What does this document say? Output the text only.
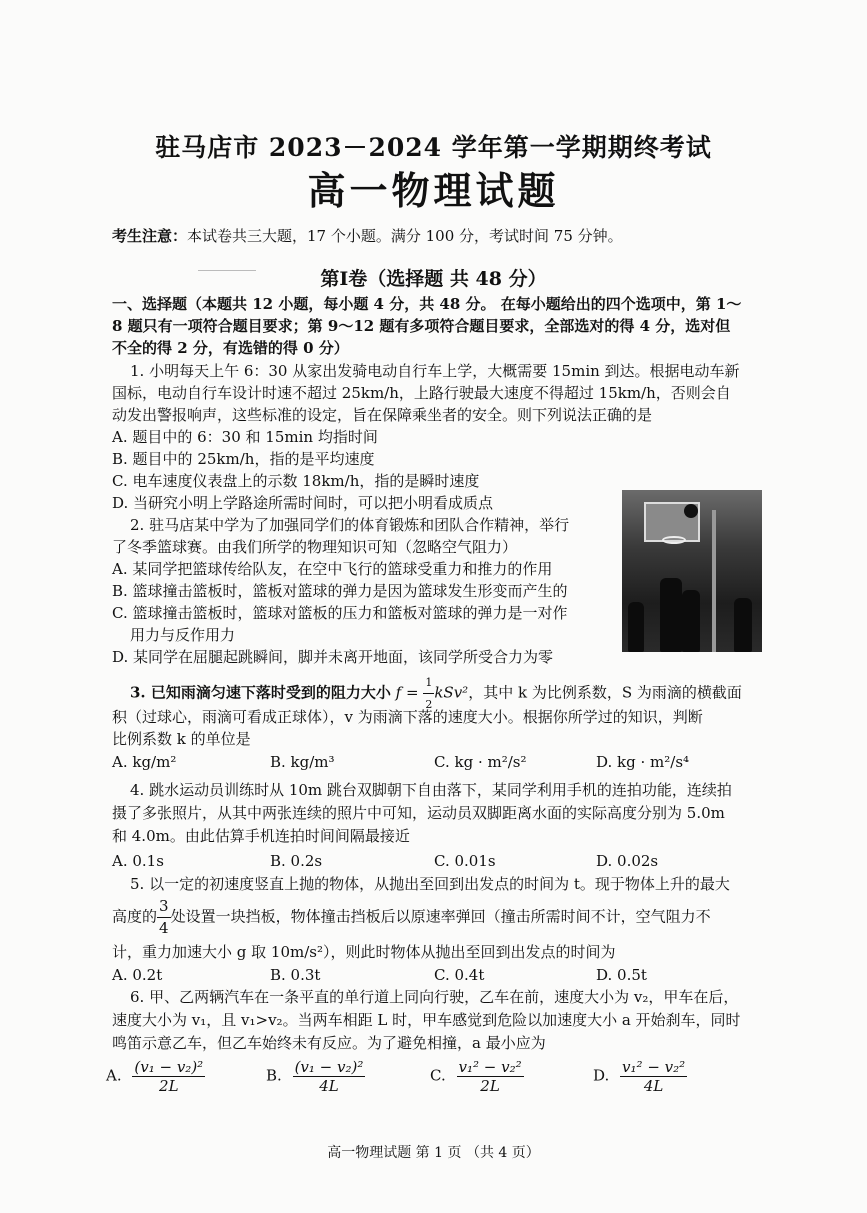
驻马店市 2023－2024 学年第一学期期终考试
高一物理试题
考生注意：本试卷共三大题，17 个小题。满分 100 分，考试时间 75 分钟。
第Ⅰ卷（选择题 共 48 分）
一、选择题（本题共 12 小题，每小题 4 分，共 48 分。 在每小题给出的四个选项中，第 1～
8 题只有一项符合题目要求；第 9～12 题有多项符合题目要求，全部选对的得 4 分，选对但
不全的得 2 分，有选错的得 0 分）
1. 小明每天上午 6：30 从家出发骑电动自行车上学，大概需要 15min 到达。根据电动车新
国标，电动自行车设计时速不超过 25km/h，上路行驶最大速度不得超过 15km/h，否则会自
动发出警报响声，这些标准的设定，旨在保障乘坐者的安全。则下列说法正确的是
A. 题目中的 6：30 和 15min 均指时间
B. 题目中的 25km/h，指的是平均速度
C. 电车速度仪表盘上的示数 18km/h，指的是瞬时速度
D. 当研究小明上学路途所需时间时，可以把小明看成质点
2. 驻马店某中学为了加强同学们的体育锻炼和团队合作精神，举行
了冬季篮球赛。由我们所学的物理知识可知（忽略空气阻力）
A. 某同学把篮球传给队友，在空中飞行的篮球受重力和推力的作用
B. 篮球撞击篮板时，篮板对篮球的弹力是因为篮球发生形变而产生的
C. 篮球撞击篮板时，篮球对篮板的压力和篮板对篮球的弹力是一对作
用力与反作用力
D. 某同学在屈腿起跳瞬间，脚并未离开地面，该同学所受合力为零
3. 已知雨滴匀速下落时受到的阻力大小 $f = \frac{1}{2} kSv^2$，其中 k 为比例系数，S 为雨滴的横截面
积（过球心，雨滴可看成正球体），v 为雨滴下落的速度大小。根据你所学过的知识，判断
比例系数 k 的单位是
A. kg/m²	B. kg/m³	C. kg · m²/s²	D. kg · m²/s⁴
4. 跳水运动员训练时从 10m 跳台双脚朝下自由落下，某同学利用手机的连拍功能，连续拍
摄了多张照片，从其中两张连续的照片中可知，运动员双脚距离水面的实际高度分别为 5.0m
和 4.0m。由此估算手机连拍时间间隔最接近
A. 0.1s	B. 0.2s	C. 0.01s	D. 0.02s
5. 以一定的初速度竖直上抛的物体，从抛出至回到出发点的时间为 t。现于物体上升的最大
高度的 $\frac{3}{4}$ 处设置一块挡板，物体撞击挡板后以原速率弹回（撞击所需时间不计，空气阻力不
计，重力加速大小 g 取 10m/s²），则此时物体从抛出至回到出发点的时间为
A. 0.2t	B. 0.3t	C. 0.4t	D. 0.5t
6. 甲、乙两辆汽车在一条平直的单行道上同向行驶，乙车在前，速度大小为 v₂，甲车在后，
速度大小为 v₁，且 v₁>v₂。当两车相距 L 时，甲车感觉到危险以加速度大小 a 开始刹车，同时
鸣笛示意乙车，但乙车始终未有反应。为了避免相撞，a 最小应为
A. $\frac{\text{(v₁ − v₂)²}}{2L}$	B. $\frac{\text{(v₁ − v₂)²}}{4L}$	C. $\frac{\text{v₁² − v₂²}}{2L}$	D. $\frac{\text{v₁² − v₂²}}{4L}$
高一物理试题 第 1 页 （共 4 页）
